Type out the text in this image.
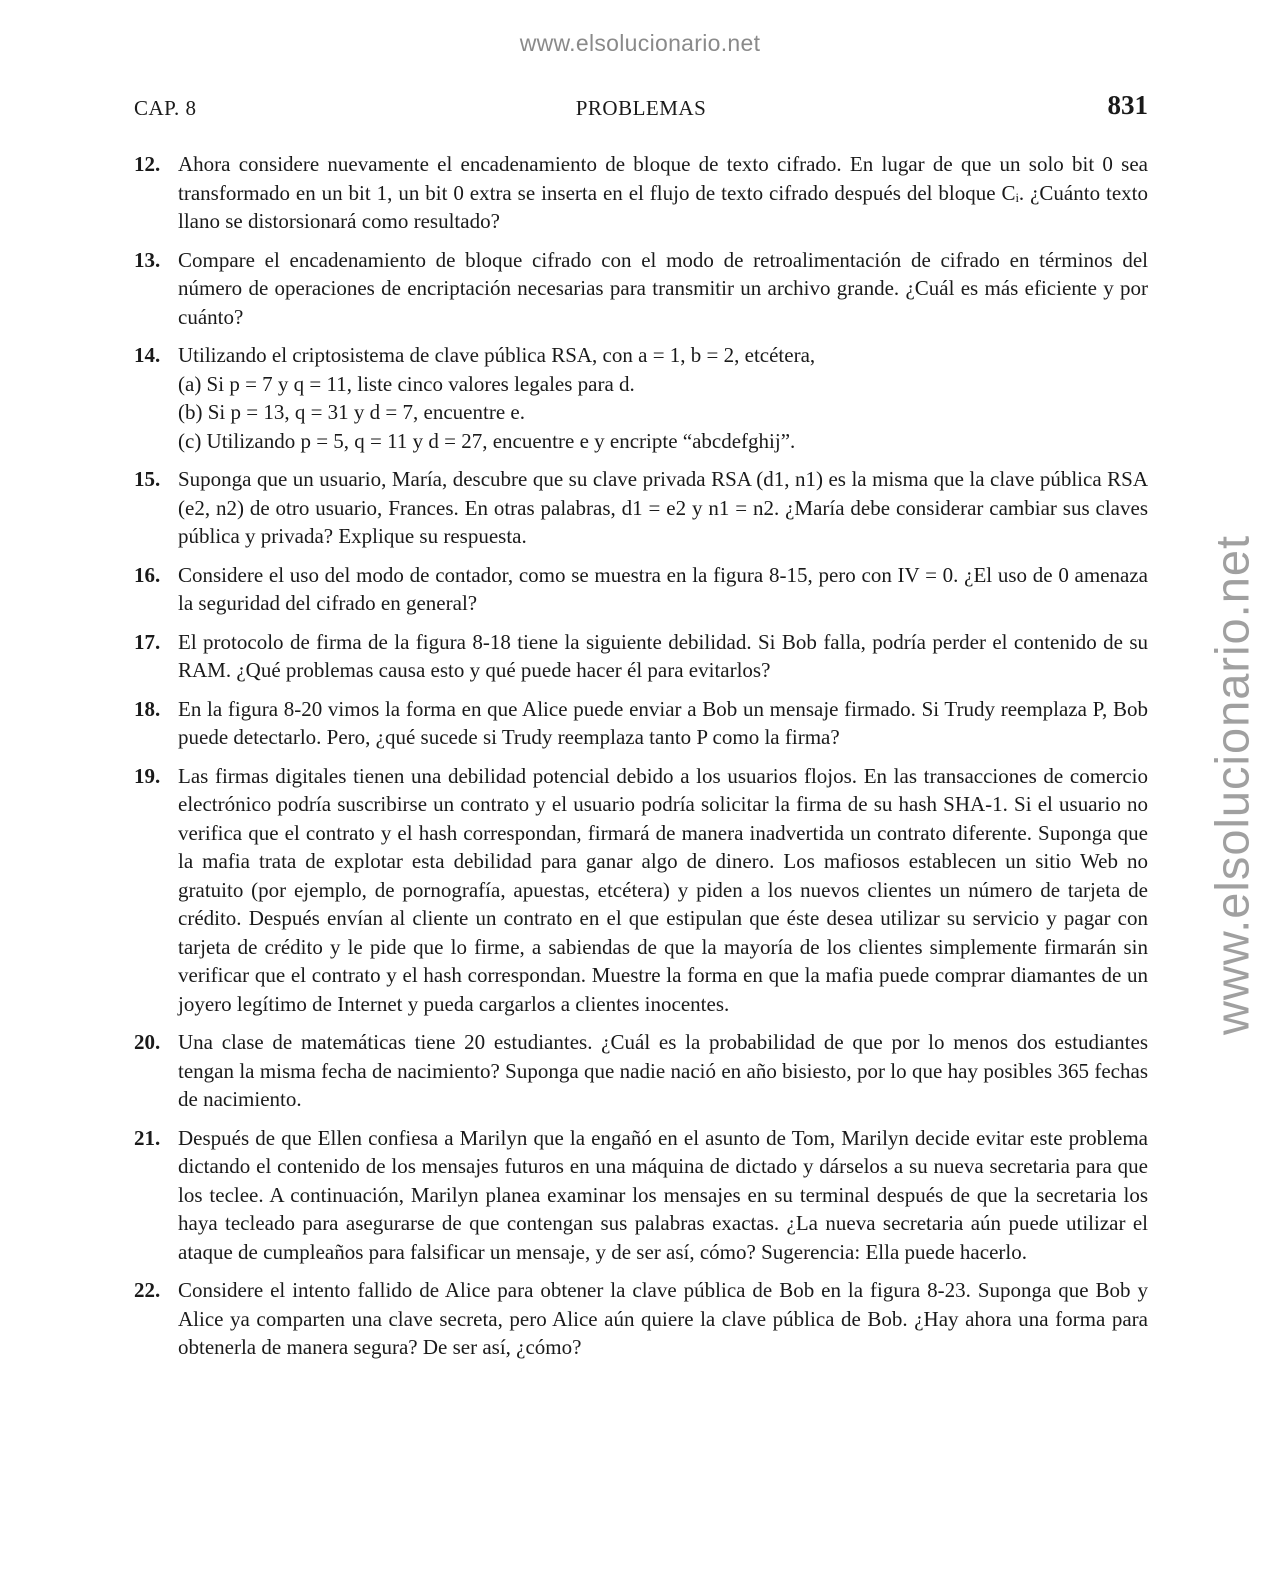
www.elsolucionario.net
www.elsolucionario.net
CAP. 8	PROBLEMAS	831
12. Ahora considere nuevamente el encadenamiento de bloque de texto cifrado. En lugar de que un solo bit 0 sea transformado en un bit 1, un bit 0 extra se inserta en el flujo de texto cifrado después del bloque Cᵢ. ¿Cuánto texto llano se distorsionará como resultado?
13. Compare el encadenamiento de bloque cifrado con el modo de retroalimentación de cifrado en términos del número de operaciones de encriptación necesarias para transmitir un archivo grande. ¿Cuál es más eficiente y por cuánto?
14. Utilizando el criptosistema de clave pública RSA, con a = 1, b = 2, etcétera,
(a) Si p = 7 y q = 11, liste cinco valores legales para d.
(b) Si p = 13, q = 31 y d = 7, encuentre e.
(c) Utilizando p = 5, q = 11 y d = 27, encuentre e y encripte “abcdefghij”.
15. Suponga que un usuario, María, descubre que su clave privada RSA (d1, n1) es la misma que la clave pública RSA (e2, n2) de otro usuario, Frances. En otras palabras, d1 = e2 y n1 = n2. ¿María debe considerar cambiar sus claves pública y privada? Explique su respuesta.
16. Considere el uso del modo de contador, como se muestra en la figura 8-15, pero con IV = 0. ¿El uso de 0 amenaza la seguridad del cifrado en general?
17. El protocolo de firma de la figura 8-18 tiene la siguiente debilidad. Si Bob falla, podría perder el contenido de su RAM. ¿Qué problemas causa esto y qué puede hacer él para evitarlos?
18. En la figura 8-20 vimos la forma en que Alice puede enviar a Bob un mensaje firmado. Si Trudy reemplaza P, Bob puede detectarlo. Pero, ¿qué sucede si Trudy reemplaza tanto P como la firma?
19. Las firmas digitales tienen una debilidad potencial debido a los usuarios flojos. En las transacciones de comercio electrónico podría suscribirse un contrato y el usuario podría solicitar la firma de su hash SHA-1. Si el usuario no verifica que el contrato y el hash correspondan, firmará de manera inadvertida un contrato diferente. Suponga que la mafia trata de explotar esta debilidad para ganar algo de dinero. Los mafiosos establecen un sitio Web no gratuito (por ejemplo, de pornografía, apuestas, etcétera) y piden a los nuevos clientes un número de tarjeta de crédito. Después envían al cliente un contrato en el que estipulan que éste desea utilizar su servicio y pagar con tarjeta de crédito y le pide que lo firme, a sabiendas de que la mayoría de los clientes simplemente firmarán sin verificar que el contrato y el hash correspondan. Muestre la forma en que la mafia puede comprar diamantes de un joyero legítimo de Internet y pueda cargarlos a clientes inocentes.
20. Una clase de matemáticas tiene 20 estudiantes. ¿Cuál es la probabilidad de que por lo menos dos estudiantes tengan la misma fecha de nacimiento? Suponga que nadie nació en año bisiesto, por lo que hay posibles 365 fechas de nacimiento.
21. Después de que Ellen confiesa a Marilyn que la engañó en el asunto de Tom, Marilyn decide evitar este problema dictando el contenido de los mensajes futuros en una máquina de dictado y dárselos a su nueva secretaria para que los teclee. A continuación, Marilyn planea examinar los mensajes en su terminal después de que la secretaria los haya tecleado para asegurarse de que contengan sus palabras exactas. ¿La nueva secretaria aún puede utilizar el ataque de cumpleaños para falsificar un mensaje, y de ser así, cómo? Sugerencia: Ella puede hacerlo.
22. Considere el intento fallido de Alice para obtener la clave pública de Bob en la figura 8-23. Suponga que Bob y Alice ya comparten una clave secreta, pero Alice aún quiere la clave pública de Bob. ¿Hay ahora una forma para obtenerla de manera segura? De ser así, ¿cómo?
